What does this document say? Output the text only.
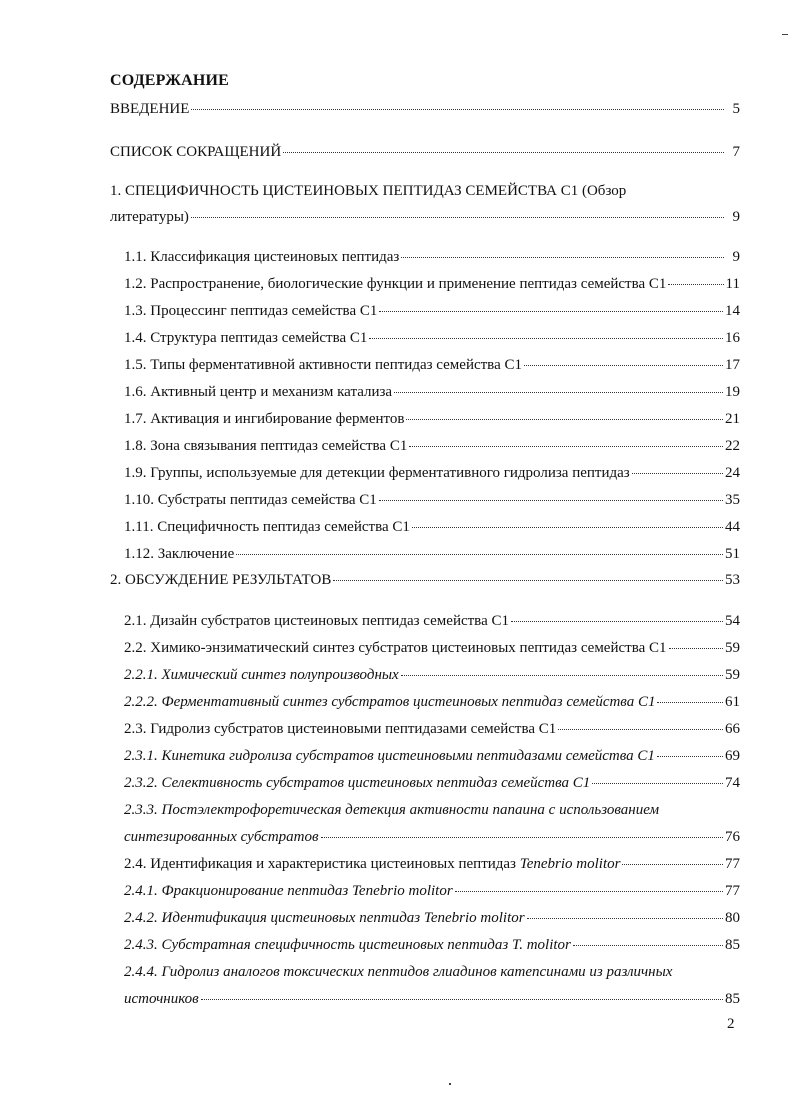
СОДЕРЖАНИЕ
ВВЕДЕНИЕ	5
СПИСОК СОКРАЩЕНИЙ	7
1. СПЕЦИФИЧНОСТЬ ЦИСТЕИНОВЫХ ПЕПТИДАЗ СЕМЕЙСТВА С1 (Обзор
литературы)	9
1.1. Классификация цистеиновых пептидаз	9
1.2. Распространение, биологические функции и применение пептидаз семейства С1	11
1.3. Процессинг пептидаз семейства С1	14
1.4. Структура пептидаз семейства С1	16
1.5. Типы ферментативной активности пептидаз семейства С1	17
1.6. Активный центр и механизм катализа	19
1.7. Активация и ингибирование ферментов	21
1.8. Зона связывания пептидаз семейства С1	22
1.9. Группы, используемые для детекции ферментативного гидролиза пептидаз	24
1.10. Субстраты пептидаз семейства С1	35
1.11. Специфичность пептидаз семейства С1	44
1.12. Заключение	51
2. ОБСУЖДЕНИЕ РЕЗУЛЬТАТОВ	53
2.1. Дизайн субстратов цистеиновых пептидаз семейства С1	54
2.2. Химико-энзиматический синтез субстратов цистеиновых пептидаз семейства С1	59
2.2.1. Химический синтез полупроизводных	59
2.2.2. Ферментативный синтез субстратов цистеиновых пептидаз семейства С1	61
2.3. Гидролиз субстратов цистеиновыми пептидазами семейства С1	66
2.3.1. Кинетика гидролиза субстратов цистеиновыми пептидазами семейства С1	69
2.3.2. Селективность субстратов цистеиновых пептидаз семейства С1	74
2.3.3. Постэлектрофоретическая детекция активности папаина с использованием
синтезированных субстратов	76
2.4. Идентификация и характеристика цистеиновых пептидаз Tenebrio molitor	77
2.4.1. Фракционирование пептидаз Tenebrio molitor	77
2.4.2. Идентификация цистеиновых пептидаз Tenebrio molitor	80
2.4.3. Субстратная специфичность цистеиновых пептидаз T. molitor	85
2.4.4. Гидролиз аналогов токсических пептидов глиадинов катепсинами из различных
источников	85
2
